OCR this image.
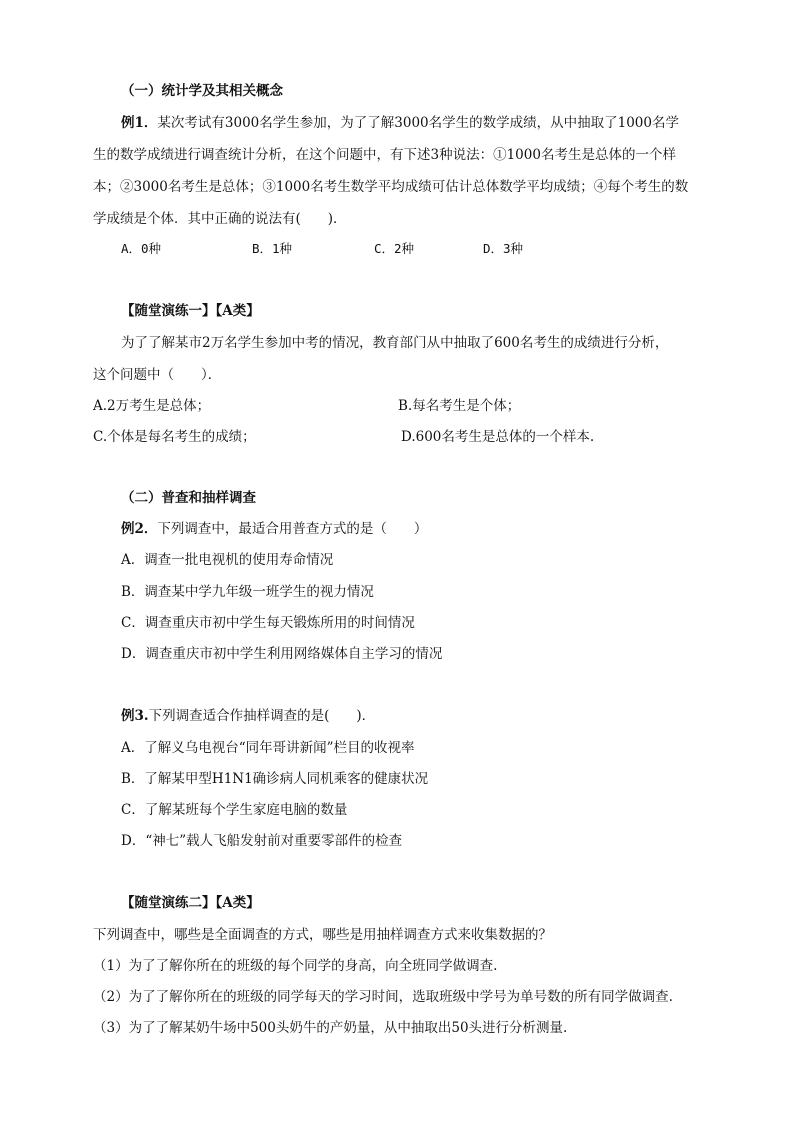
（一）统计学及其相关概念
例1．某次考试有3000名学生参加，为了了解3000名学生的数学成绩，从中抽取了1000名学
生的数学成绩进行调查统计分析，在这个问题中，有下述3种说法：①1000名考生是总体的一个样
本；②3000名考生是总体；③1000名考生数学平均成绩可估计总体数学平均成绩；④每个考生的数
学成绩是个体．其中正确的说法有(　　)．
A．0种	B．1种	C．2种	D．3种
【随堂演练一】【A类】
为了了解某市2万名学生参加中考的情况，教育部门从中抽取了600名考生的成绩进行分析，
这个问题中（　　）．
A.2万考生是总体；	B.每名考生是个体；
C.个体是每名考生的成绩；	D.600名考生是总体的一个样本.
（二）普查和抽样调查
例2．下列调查中，最适合用普查方式的是（　　）
A．调查一批电视机的使用寿命情况
B．调查某中学九年级一班学生的视力情况
C．调查重庆市初中学生每天锻炼所用的时间情况
D．调查重庆市初中学生利用网络媒体自主学习的情况
例3.下列调查适合作抽样调查的是(　　)．
A．了解义乌电视台“同年哥讲新闻”栏目的收视率
B．了解某甲型H1N1确诊病人同机乘客的健康状况
C．了解某班每个学生家庭电脑的数量
D．“神七”载人飞船发射前对重要零部件的检查
【随堂演练二】【A类】
下列调查中，哪些是全面调查的方式，哪些是用抽样调查方式来收集数据的？
（1）为了了解你所在的班级的每个同学的身高，向全班同学做调查.
（2）为了了解你所在的班级的同学每天的学习时间，选取班级中学号为单号数的所有同学做调查.
（3）为了了解某奶牛场中500头奶牛的产奶量，从中抽取出50头进行分析测量.
